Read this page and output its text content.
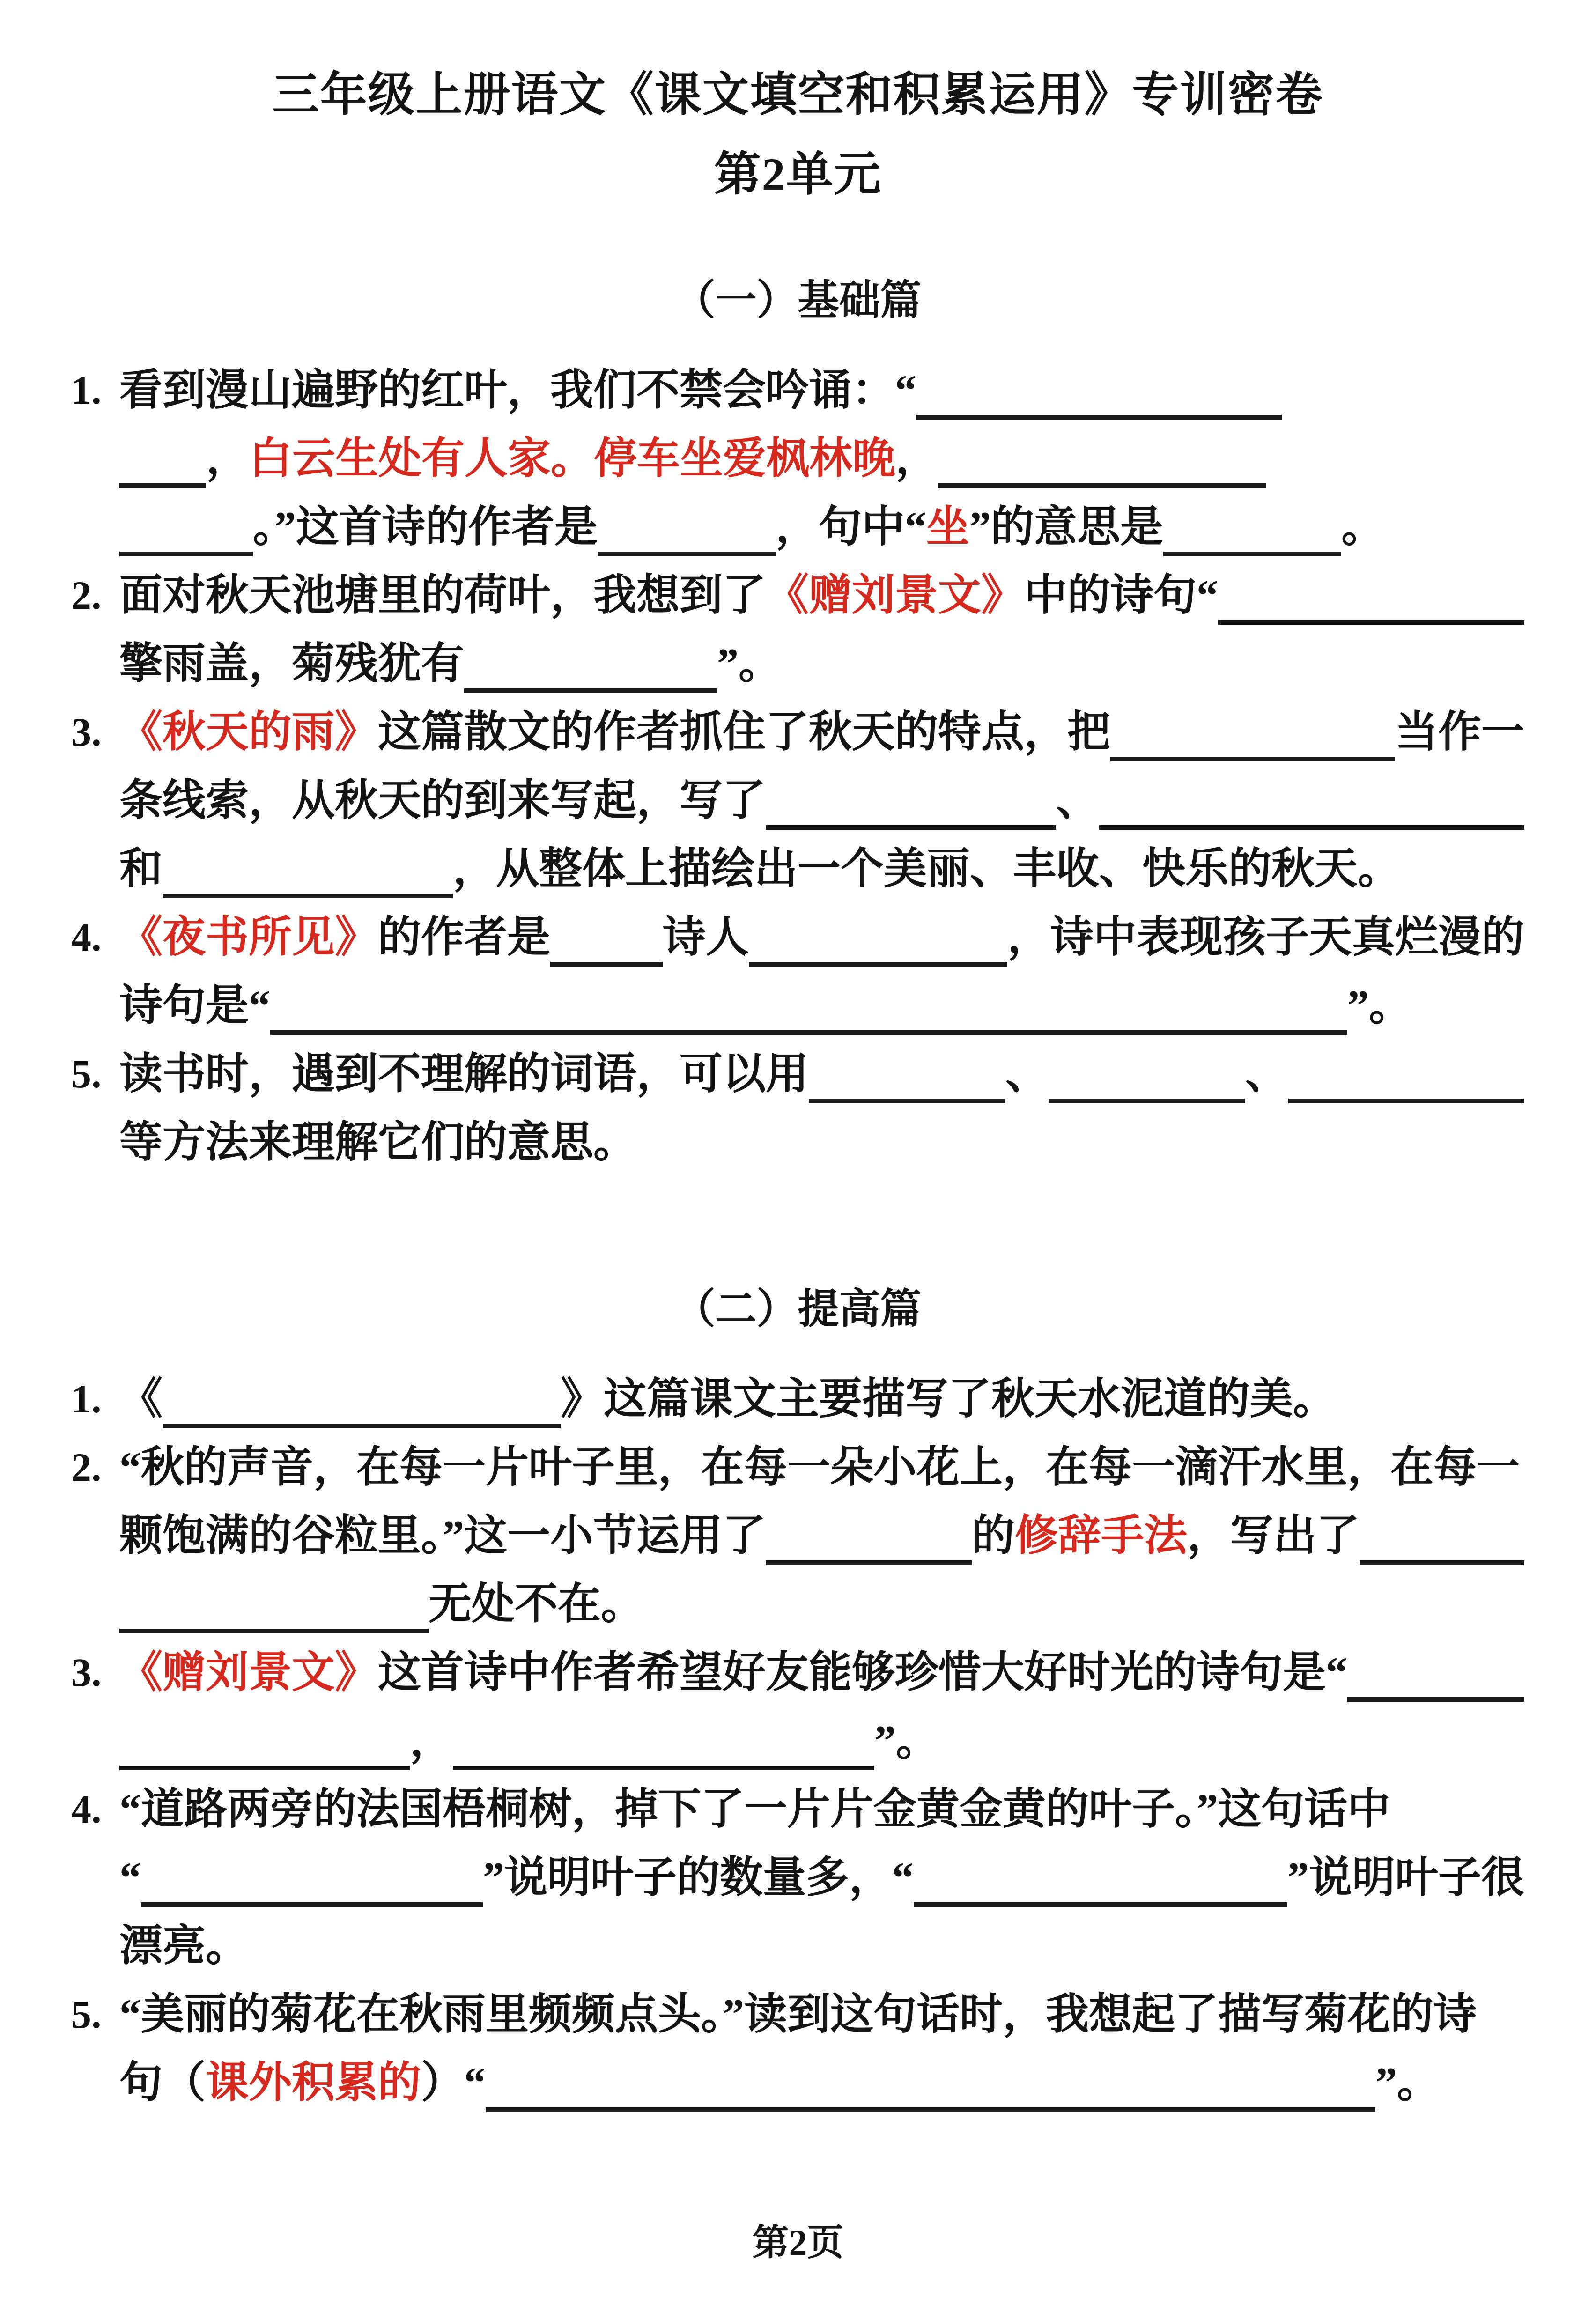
三年级上册语文《课文填空和积累运用》专训密卷
第2单元
（一）基础篇
1. 看到漫山遍野的红叶，我们不禁会吟诵：“
， 白云生处有人家。停车坐爱枫林晚 ，
。”这首诗的作者是	，句中“ 坐 ”的意思是	。
2. 面对秋天池塘里的荷叶，我想到了 《赠刘景文》 中的诗句“
擎雨盖，菊残犹有	”。
3. 《秋天的雨》 这篇散文的作者抓住了秋天的特点，把	当作一
条线索，从秋天的到来写起，写了	、
和	，从整体上描绘出一个美丽、丰收、快乐的秋天。
4. 《夜书所见》 的作者是	诗人	，诗中表现孩子天真烂漫的
诗句是“	”。
5. 读书时，遇到不理解的词语，可以用	、	、
等方法来理解它们的意思。
（二）提高篇
1. 《	》这篇课文主要描写了秋天水泥道的美。
2. “秋的声音，在每一片叶子里，在每一朵小花上，在每一滴汗水里，在每一
颗饱满的谷粒里。”这一小节运用了	的 修辞手法 ，写出了
无处不在。
3. 《赠刘景文》 这首诗中作者希望好友能够珍惜大好时光的诗句是“
，	”。
4. “道路两旁的法国梧桐树，掉下了一片片金黄金黄的叶子。”这句话中
“	”说明叶子的数量多，“	”说明叶子很
漂亮。
5. “美丽的菊花在秋雨里频频点头。”读到这句话时，我想起了描写菊花的诗
句（ 课外积累的 ）“	”。
第2页
